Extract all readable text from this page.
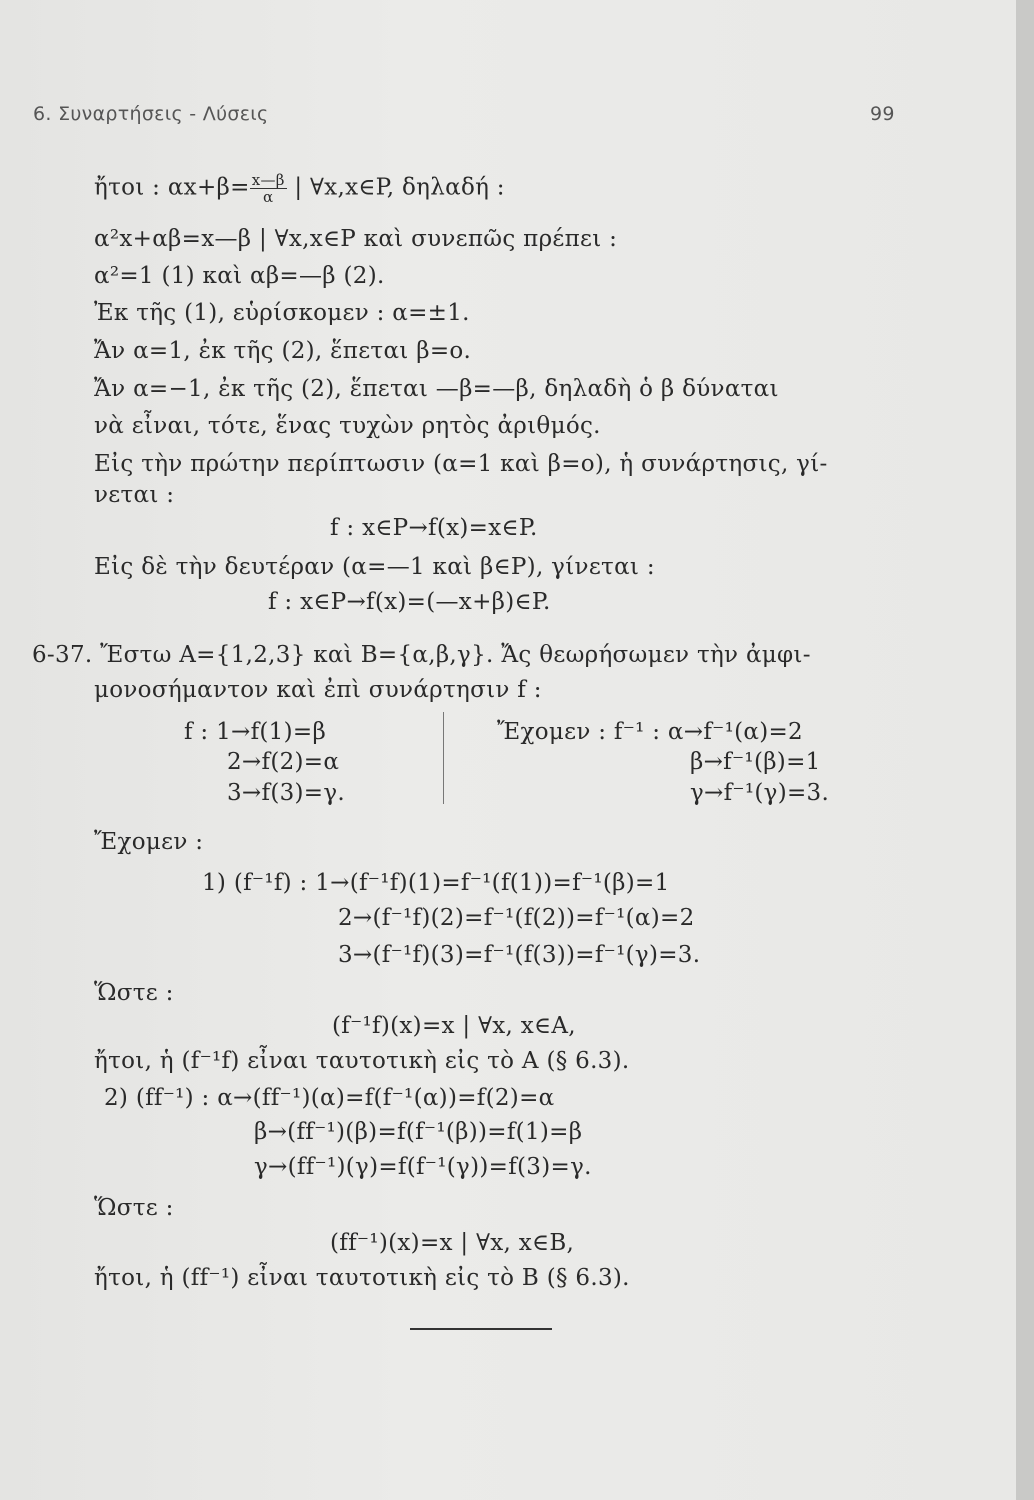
6. Συναρτήσεις - Λύσεις	99
ἤτοι : $\alpha x+\beta= \frac{x—\beta}{\alpha}$ | ∀x,x∈P, δηλαδή :
α²x+αβ=x—β | ∀x,x∈P καὶ συνεπῶς πρέπει :
α²=1 (1) καὶ αβ=—β (2).
Ἐκ τῆς (1), εὑρίσκομεν : α=±1.
Ἄν α=1, ἐκ τῆς (2), ἕπεται β=ο.
Ἄν α=−1, ἐκ τῆς (2), ἕπεται —β=—β, δηλαδὴ ὁ β δύναται
νὰ εἶναι, τότε, ἕνας τυχὼν ρητὸς ἀριθμός.
Εἰς τὴν πρώτην περίπτωσιν (α=1 καὶ β=ο), ἡ συνάρτησις, γί-
νεται :
f : x∈P→f(x)=x∈P.
Εἰς δὲ τὴν δευτέραν (α=—1 καὶ β∈P), γίνεται :
f : x∈P→f(x)=(—x+β)∈P.
6-37. Ἔστω A={1,2,3} καὶ B={α,β,γ}. Ἄς θεωρήσωμεν τὴν ἀμφι-
μονοσήμαντον καὶ ἐπὶ συνάρτησιν f :
f : 1→f(1)=β
2→f(2)=α
3→f(3)=γ.
Ἔχομεν : f⁻¹ : α→f⁻¹(α)=2
β→f⁻¹(β)=1
γ→f⁻¹(γ)=3.
Ἔχομεν :
1) (f⁻¹f) : 1→(f⁻¹f)(1)=f⁻¹(f(1))=f⁻¹(β)=1
2→(f⁻¹f)(2)=f⁻¹(f(2))=f⁻¹(α)=2
3→(f⁻¹f)(3)=f⁻¹(f(3))=f⁻¹(γ)=3.
Ὥστε :
(f⁻¹f)(x)=x | ∀x, x∈A,
ἤτοι, ἡ (f⁻¹f) εἶναι ταυτοτικὴ εἰς τὸ A (§ 6.3).
2) (ff⁻¹) : α→(ff⁻¹)(α)=f(f⁻¹(α))=f(2)=α
β→(ff⁻¹)(β)=f(f⁻¹(β))=f(1)=β
γ→(ff⁻¹)(γ)=f(f⁻¹(γ))=f(3)=γ.
Ὥστε :
(ff⁻¹)(x)=x | ∀x, x∈B,
ἤτοι, ἡ (ff⁻¹) εἶναι ταυτοτικὴ εἰς τὸ B (§ 6.3).
